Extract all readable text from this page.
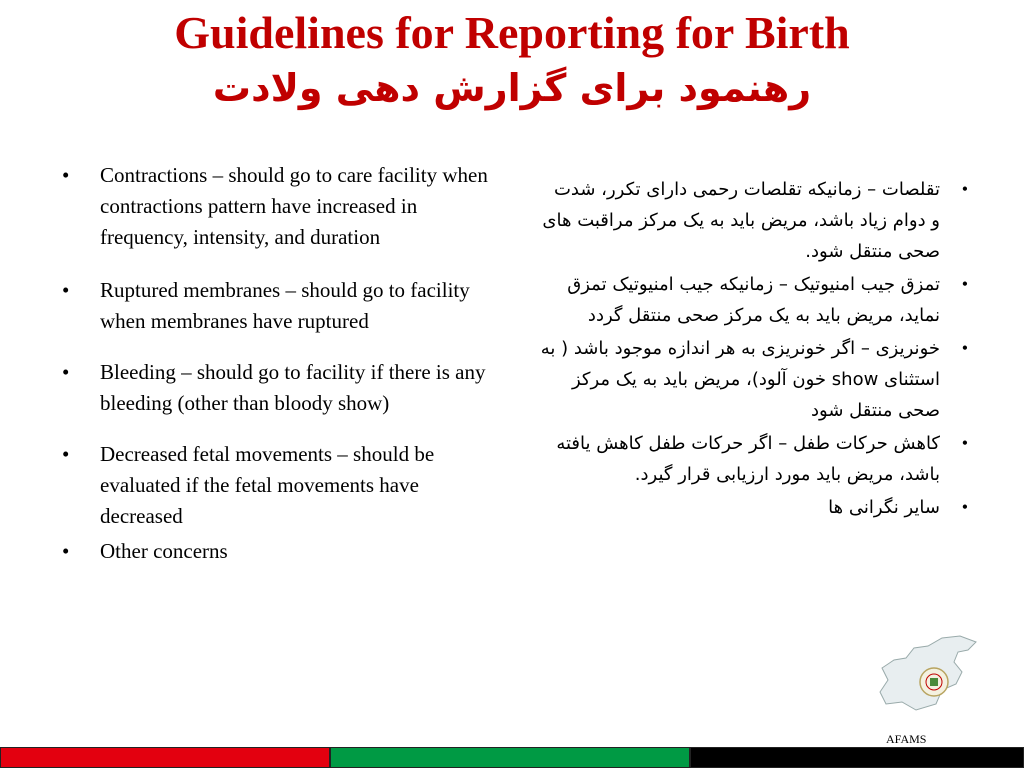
Guidelines for Reporting for Birth
رهنمود برای گزارش دهی ولادت
• Contractions – should go to care facility when contractions pattern have increased in frequency, intensity, and duration
• Ruptured membranes – should go to facility when membranes have ruptured
• Bleeding – should go to facility if there is any bleeding (other than bloody show)
• Decreased fetal movements – should be evaluated if the fetal movements have decreased
• Other concerns
• تقلصات – زمانیکه تقلصات رحمی دارای تکرر، شدت و دوام زیاد باشد، مریض باید به یک مرکز مراقبت های صحی منتقل شود.
• تمزق جیب امنیوتیک – زمانیکه جیب امنیوتیک تمزق نماید، مریض باید به یک مرکز صحی منتقل گردد
• خونریزی – اگر خونریزی به هر اندازه موجود باشد ( به استثنای show خون آلود)، مریض باید به یک مرکز صحی منتقل شود
• کاهش حرکات طفل – اگر حرکات طفل کاهش یافته باشد، مریض باید مورد ارزیابی قرار گیرد.
• سایر نگرانی ها
AFAMS
